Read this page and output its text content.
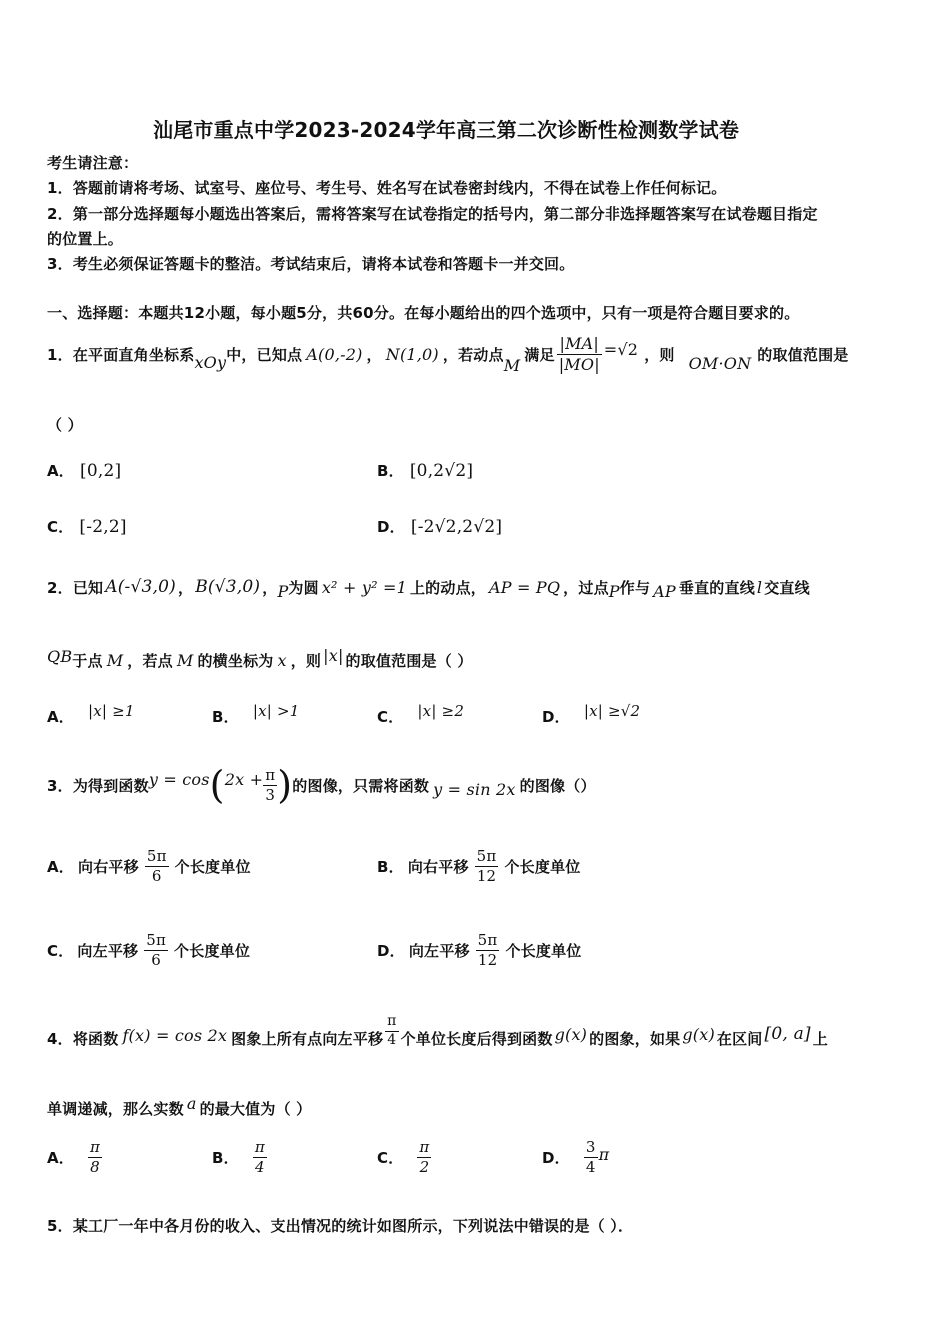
汕尾市重点中学2023-2024学年高三第二次诊断性检测数学试卷
考生请注意：
1．答题前请将考场、试室号、座位号、考生号、姓名写在试卷密封线内，不得在试卷上作任何标记。
2．第一部分选择题每小题选出答案后，需将答案写在试卷指定的括号内，第二部分非选择题答案写在试卷题目指定
的位置上。
3．考生必须保证答题卡的整洁。考试结束后，请将本试卷和答题卡一并交回。
一、选择题：本题共12小题，每小题5分，共60分。在每小题给出的四个选项中，只有一项是符合题目要求的。
1．在平面直角坐标系 xOy 中，已知点 A(0,-2) ， N(1,0) ，若动点
M
满足 $\frac{|MA|}{|MO|} =√2$ ，则 OM·ON 的取值范围是
（ ）
A． [0,2]	B． [0,2√2]
C． [-2,2]	D． [-2√2,2√2]
2．已知 A(-√3,0) ， B(√3,0) ， P 为圆 x² + y² =1 上的动点， AP = PQ ，过点 P 作与 AP 垂直的直线 l 交直线
QB 于点 M ，若点 M 的横坐标为 x ，则 |x| 的取值范围是（ ）
A． |x| ≥1	B． |x| >1	C． |x| ≥2	D． |x| ≥√2
3．为得到函数 y = cos ( $2x + \frac{\pi}{3}$ ) 的图像，只需将函数 y = sin 2x 的图像（）
A． 向右平移 $\frac{5\pi}{6}$ 个长度单位	B． 向右平移 $\frac{5\pi}{12}$ 个长度单位
C． 向左平移 $\frac{5\pi}{6}$ 个长度单位	D． 向左平移 $\frac{5\pi}{12}$ 个长度单位
4．将函数 f(x) = cos 2x 图象上所有点向左平移 $\frac{\pi}{4}$ 个单位长度后得到函数 g(x) 的图象，如果 g(x) 在区间 [0, a] 上
单调递减，那么实数 a 的最大值为（ ）
A． $\frac{\pi}{8}$	B． $\frac{\pi}{4}$	C． $\frac{\pi}{2}$	D． $\frac{3}{4}$ π
5．某工厂一年中各月份的收入、支出情况的统计如图所示，下列说法中错误的是（ ）．
